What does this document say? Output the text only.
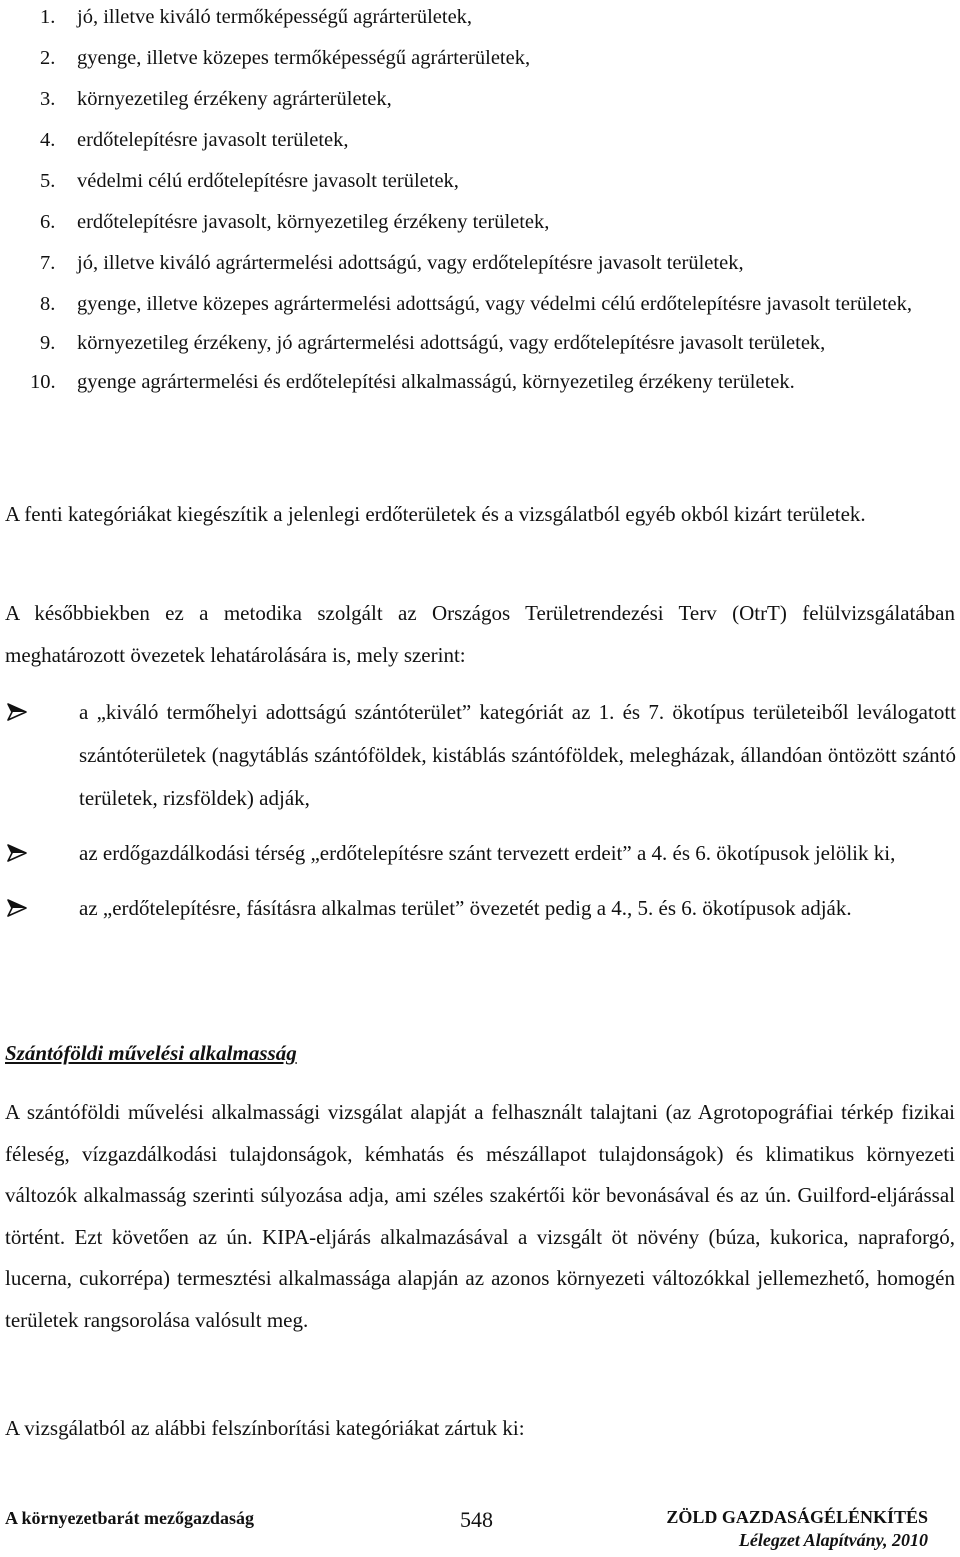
1. jó, illetve kiváló termőképességű agrárterületek,
2. gyenge, illetve közepes termőképességű agrárterületek,
3. környezetileg érzékeny agrárterületek,
4. erdőtelepítésre javasolt területek,
5. védelmi célú erdőtelepítésre javasolt területek,
6. erdőtelepítésre javasolt, környezetileg érzékeny területek,
7. jó, illetve kiváló agrártermelési adottságú, vagy erdőtelepítésre javasolt területek,
8. gyenge, illetve közepes agrártermelési adottságú, vagy védelmi célú erdőtelepítésre javasolt területek,
9. környezetileg érzékeny, jó agrártermelési adottságú, vagy erdőtelepítésre javasolt területek,
10. gyenge agrártermelési és erdőtelepítési alkalmasságú, környezetileg érzékeny területek.

A fenti kategóriákat kiegészítik a jelenlegi erdőterületek és a vizsgálatból egyéb okból kizárt területek.

A későbbiekben ez a metodika szolgált az Országos Területrendezési Terv (OtrT) felülvizsgálatában meghatározott övezetek lehatárolására is, mely szerint:

a „kiváló termőhelyi adottságú szántóterület” kategóriát az 1. és 7. ökotípus területeiből leválogatott szántóterületek (nagytáblás szántóföldek, kistáblás szántóföldek, melegházak, állandóan öntözött szántó területek, rizsföldek) adják,
az erdőgazdálkodási térség „erdőtelepítésre szánt tervezett erdeit” a 4. és 6. ökotípusok jelölik ki,
az „erdőtelepítésre, fásításra alkalmas terület” övezetét pedig a 4., 5. és 6. ökotípusok adják.
Szántóföldi művelési alkalmasság

A szántóföldi művelési alkalmassági vizsgálat alapját a felhasznált talajtani (az Agrotopográfiai térkép fizikai féleség, vízgazdálkodási tulajdonságok, kémhatás és mészállapot tulajdonságok) és klimatikus környezeti változók alkalmasság szerinti súlyozása adja, ami széles szakértői kör bevonásával és az ún. Guilford-eljárással történt. Ezt követően az ún. KIPA-eljárás alkalmazásával a vizsgált öt növény (búza, kukorica, napraforgó, lucerna, cukorrépa) termesztési alkalmassága alapján az azonos környezeti változókkal jellemezhető, homogén területek rangsorolása valósult meg.

A vizsgálatból az alábbi felszínborítási kategóriákat zártuk ki:

A környezetbarát mezőgazdaság	548	ZÖLD GAZDASÁGÉLÉNKÍTÉS
Lélegzet Alapítvány, 2010
